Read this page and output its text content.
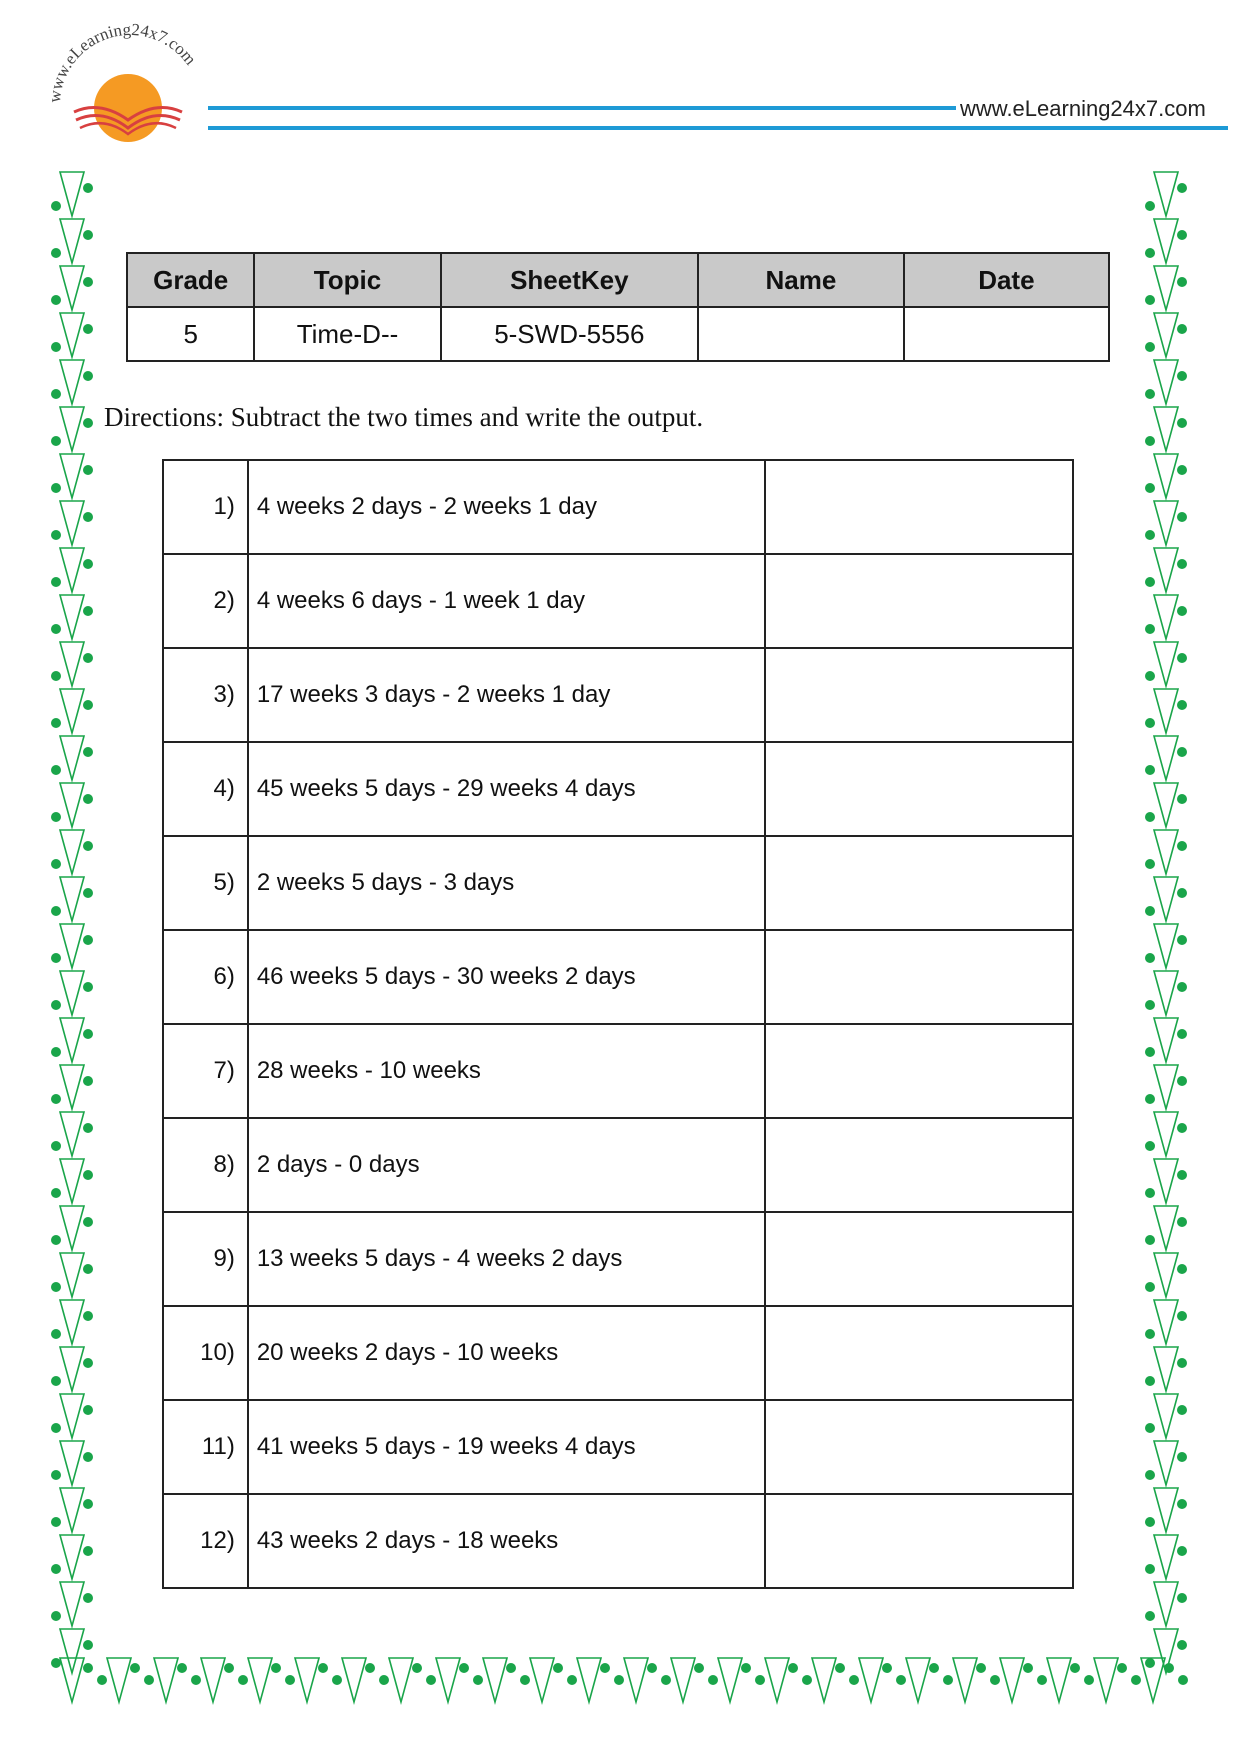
www.eLearning24x7.com
www.eLearning24x7.com
Grade	Topic	SheetKey	Name	Date
5	Time-D--	5-SWD-5556		
Directions: Subtract the two times and write the output.
1)	4 weeks 2 days - 2 weeks 1 day	
2)	4 weeks 6 days - 1 week 1 day	
3)	17 weeks 3 days - 2 weeks 1 day	
4)	45 weeks 5 days - 29 weeks 4 days	
5)	2 weeks 5 days - 3 days	
6)	46 weeks 5 days - 30 weeks 2 days	
7)	28 weeks - 10 weeks	
8)	2 days - 0 days	
9)	13 weeks 5 days - 4 weeks 2 days	
10)	20 weeks 2 days - 10 weeks	
11)	41 weeks 5 days - 19 weeks 4 days	
12)	43 weeks 2 days - 18 weeks	
